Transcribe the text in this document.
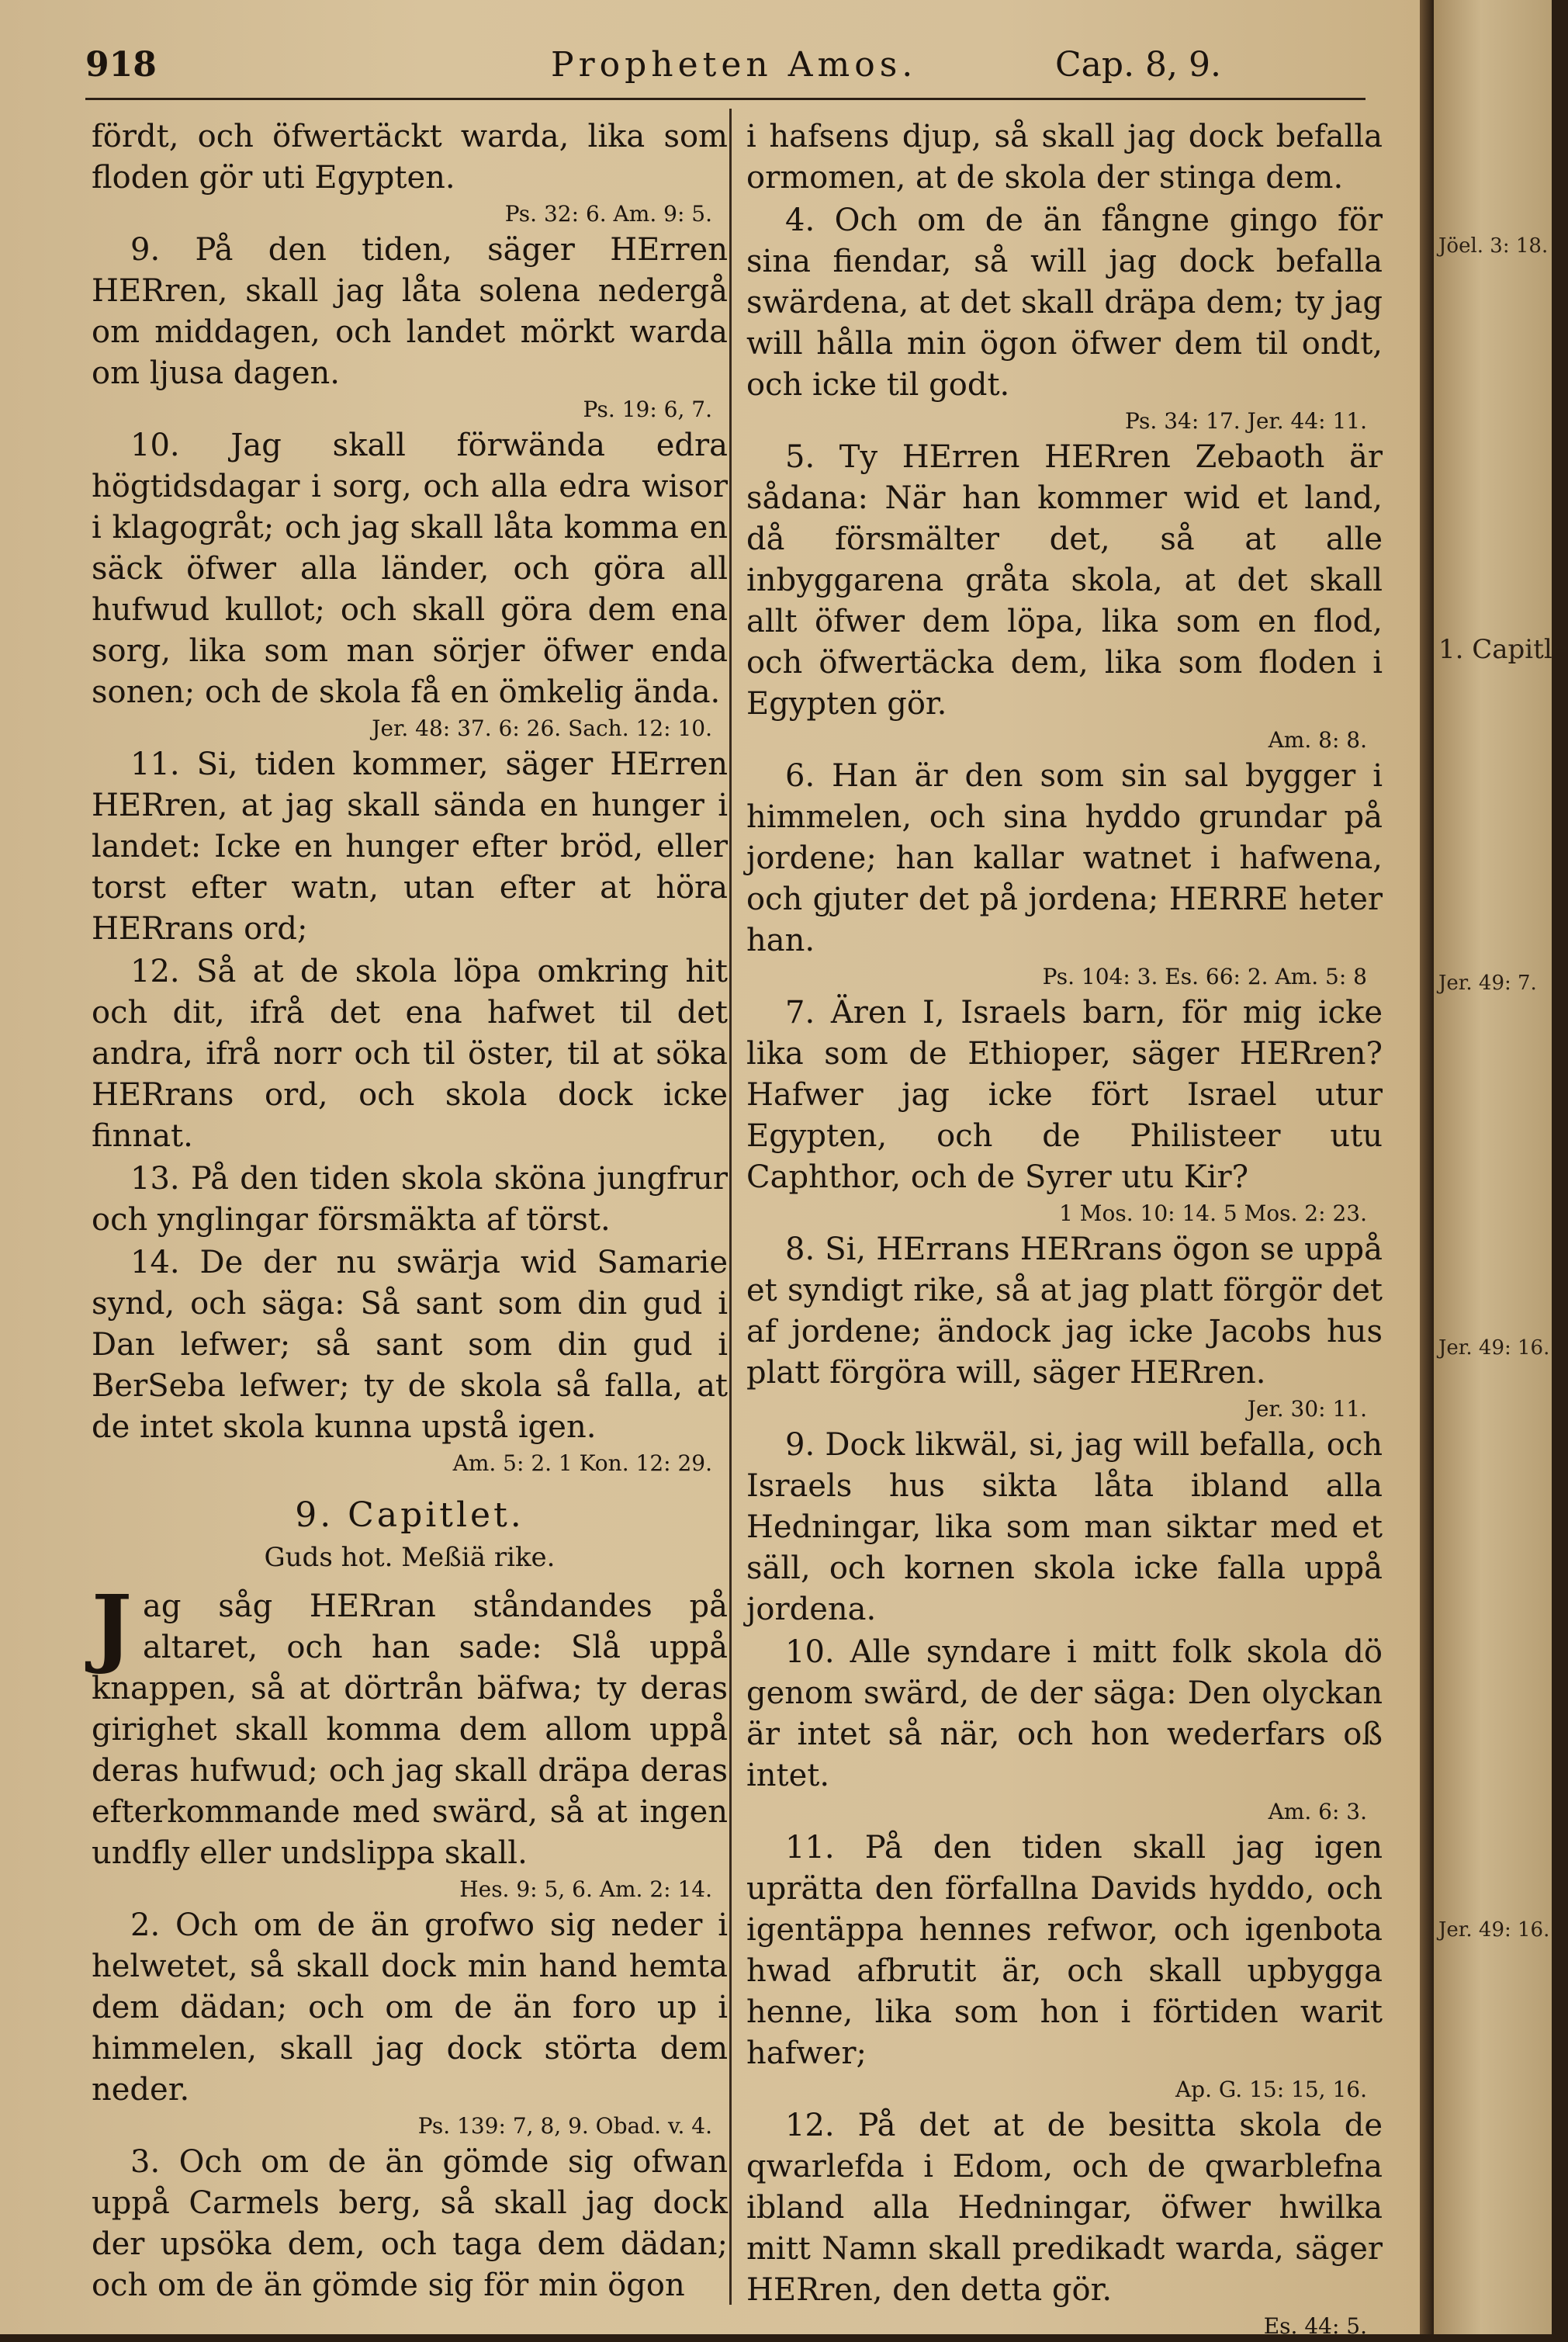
918	Propheten Amos.	Cap. 8, 9.

fördt, och öfwertäckt warda, lika som floden gör uti Egypten.

Ps. 32: 6. Am. 9: 5.

9. På den tiden, säger HErren HERren, skall jag låta solena nedergå om middagen, och landet mörkt warda om ljusa dagen.

Ps. 19: 6, 7.

10. Jag skall förwända edra högtidsdagar i sorg, och alla edra wisor i klagogråt; och jag skall låta komma en säck öfwer alla länder, och göra all hufwud kullot; och skall göra dem ena sorg, lika som man sörjer öfwer enda sonen; och de skola få en ömkelig ända.

Jer. 48: 37. 6: 26. Sach. 12: 10.

11. Si, tiden kommer, säger HErren HERren, at jag skall sända en hunger i landet: Icke en hunger efter bröd, eller torst efter watn, utan efter at höra HERrans ord;

12. Så at de skola löpa omkring hit och dit, ifrå det ena hafwet til det andra, ifrå norr och til öster, til at söka HERrans ord, och skola dock icke finnat.

13. På den tiden skola sköna jungfrur och ynglingar försmäkta af törst.

14. De der nu swärja wid Samarie synd, och säga: Så sant som din gud i Dan lefwer; så sant som din gud i BerSeba lefwer; ty de skola så falla, at de intet skola kunna upstå igen.

Am. 5: 2. 1 Kon. 12: 29.

9. Capitlet.
Guds hot. Meßiä rike.

Jag såg HERran ståndandes på altaret, och han sade: Slå uppå knappen, så at dörtrån bäfwa; ty deras girighet skall komma dem allom uppå deras hufwud; och jag skall dräpa deras efterkommande med swärd, så at ingen undfly eller undslippa skall.

Hes. 9: 5, 6. Am. 2: 14.

2. Och om de än grofwo sig neder i helwetet, så skall dock min hand hemta dem dädan; och om de än foro up i himmelen, skall jag dock störta dem neder.

Ps. 139: 7, 8, 9. Obad. v. 4.

3. Och om de än gömde sig ofwan uppå Carmels berg, så skall jag dock der upsöka dem, och taga dem dädan; och om de än gömde sig för min ögon

i hafsens djup, så skall jag dock befalla ormomen, at de skola der stinga dem.

4. Och om de än fångne gingo för sina fiendar, så will jag dock befalla swärdena, at det skall dräpa dem; ty jag will hålla min ögon öfwer dem til ondt, och icke til godt.

Ps. 34: 17. Jer. 44: 11.

5. Ty HErren HERren Zebaoth är sådana: När han kommer wid et land, då försmälter det, så at alle inbyggarena gråta skola, at det skall allt öfwer dem löpa, lika som en flod, och öfwertäcka dem, lika som floden i Egypten gör.

Am. 8: 8.

6. Han är den som sin sal bygger i himmelen, och sina hyddo grundar på jordene; han kallar watnet i hafwena, och gjuter det på jordena; HERRE heter han.

Ps. 104: 3. Es. 66: 2. Am. 5: 8

7. Ären I, Israels barn, för mig icke lika som de Ethioper, säger HERren? Hafwer jag icke fört Israel utur Egypten, och de Philisteer utu Caphthor, och de Syrer utu Kir?

1 Mos. 10: 14. 5 Mos. 2: 23.

8. Si, HErrans HERrans ögon se uppå et syndigt rike, så at jag platt förgör det af jordene; ändock jag icke Jacobs hus platt förgöra will, säger HERren.

Jer. 30: 11.

9. Dock likwäl, si, jag will befalla, och Israels hus sikta låta ibland alla Hedningar, lika som man siktar med et säll, och kornen skola icke falla uppå jordena.

10. Alle syndare i mitt folk skola dö genom swärd, de der säga: Den olyckan är intet så när, och hon wederfars oß intet.

Am. 6: 3.

11. På den tiden skall jag igen uprätta den förfallna Davids hyddo, och igentäppa hennes refwor, och igenbota hwad afbrutit är, och skall upbygga henne, lika som hon i förtiden warit hafwer;

Ap. G. 15: 15, 16.

12. På det at de besitta skola de qwarlefda i Edom, och de qwarblefna ibland alla Hedningar, öfwer hwilka mitt Namn skall predikadt warda, säger HERren, den detta gör.

Es. 44: 5.

Jöel. 3: 18.
1. Capitle
Jer. 49: 7.
Jer. 49: 16.
Jer. 49: 16.
